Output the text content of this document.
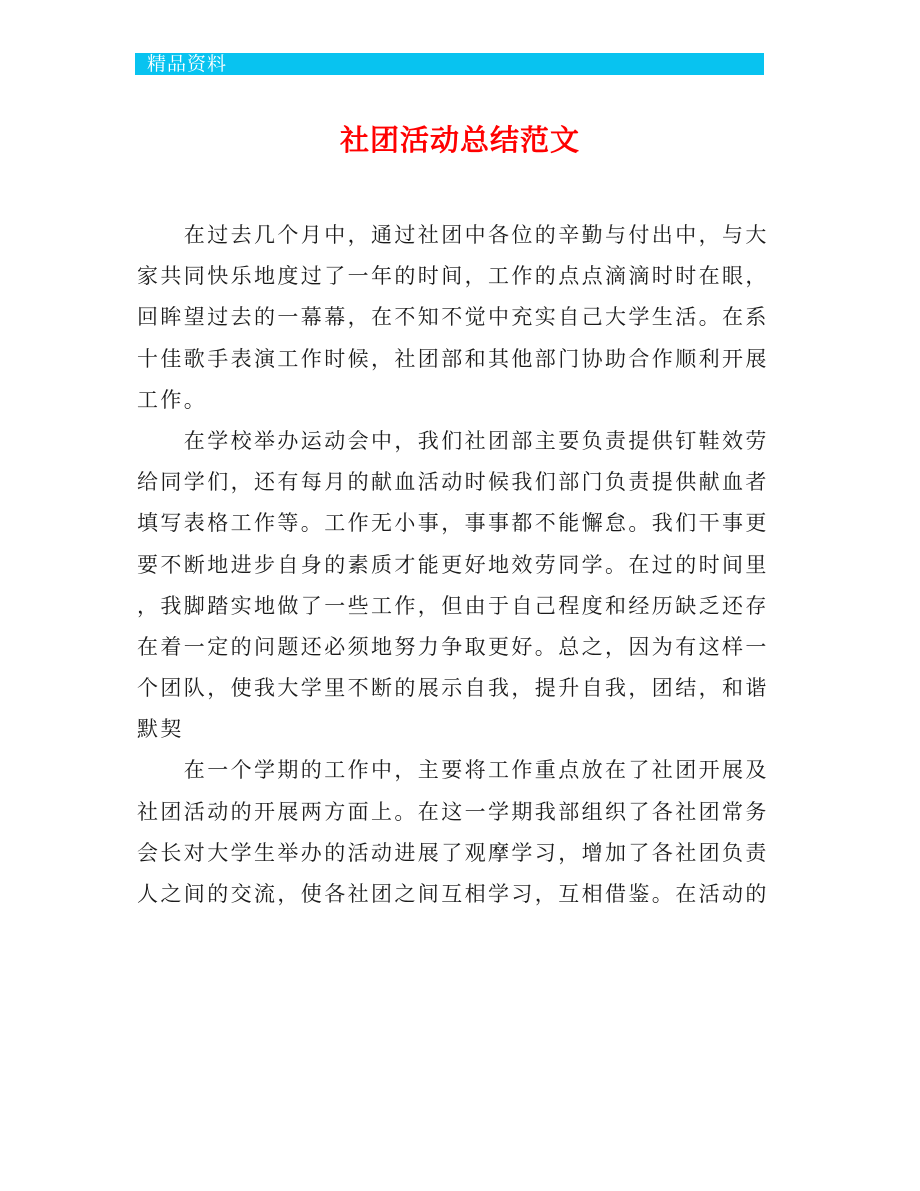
精品资料
社团活动总结范文
　　在过去几个月中，通过社团中各位的辛勤与付出中，与大
家共同快乐地度过了一年的时间，工作的点点滴滴时时在眼，
回眸望过去的一幕幕，在不知不觉中充实自己大学生活。在系
十佳歌手表演工作时候，社团部和其他部门协助合作顺利开展
工作。
　　在学校举办运动会中，我们社团部主要负责提供钉鞋效劳
给同学们，还有每月的献血活动时候我们部门负责提供献血者
填写表格工作等。工作无小事，事事都不能懈怠。我们干事更
要不断地进步自身的素质才能更好地效劳同学。在过的时间里
，我脚踏实地做了一些工作，但由于自己程度和经历缺乏还存
在着一定的问题还必须地努力争取更好。总之，因为有这样一
个团队，使我大学里不断的展示自我，提升自我，团结，和谐
默契
　　在一个学期的工作中，主要将工作重点放在了社团开展及
社团活动的开展两方面上。在这一学期我部组织了各社团常务
会长对大学生举办的活动进展了观摩学习，增加了各社团负责
人之间的交流，使各社团之间互相学习，互相借鉴。在活动的
